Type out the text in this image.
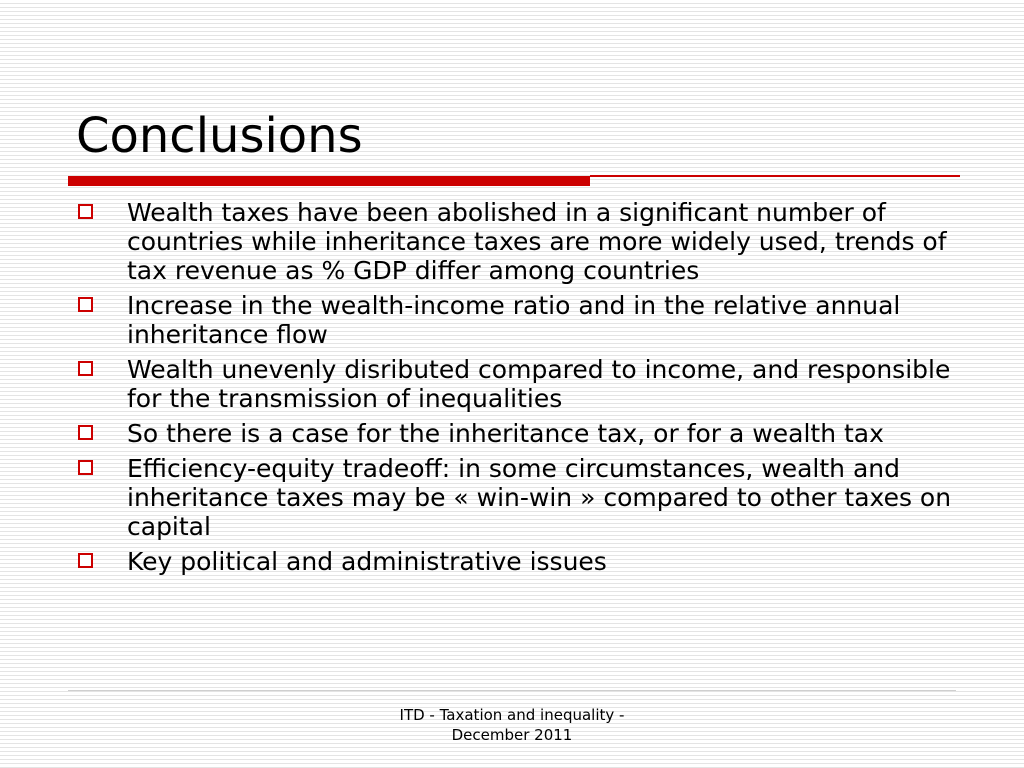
Conclusions
Wealth taxes have been abolished in a significant number of countries while inheritance taxes are more widely used, trends of tax revenue as % GDP differ among countries
Increase in the wealth-income ratio and in the relative annual inheritance flow
Wealth unevenly disributed compared to income, and responsible for the transmission of inequalities
So there is a case for the inheritance tax, or for a wealth tax
Efficiency-equity tradeoff: in some circumstances, wealth and inheritance taxes may be « win-win » compared to other taxes on capital
Key political and administrative issues
ITD - Taxation and inequality -
December 2011
